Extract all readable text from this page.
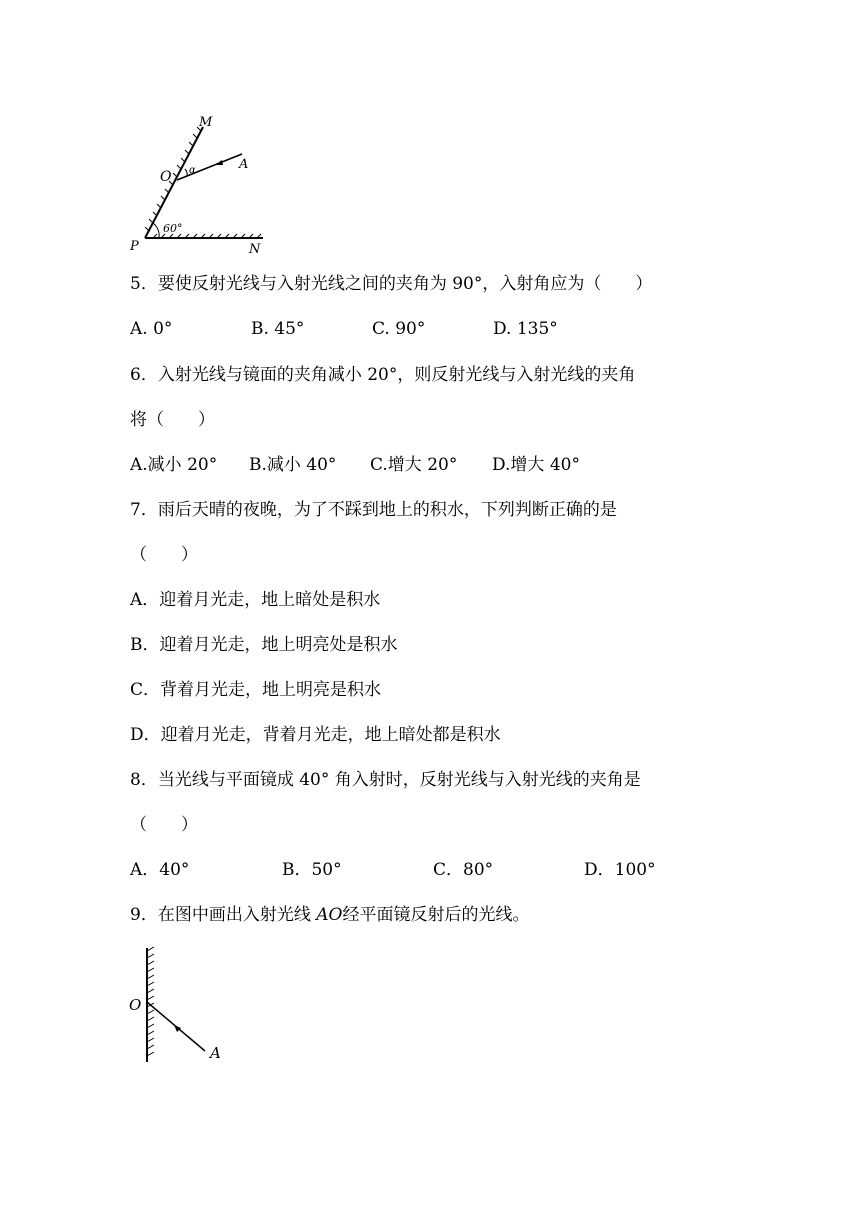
M
O α	A
60°
P	N
5．要使反射光线与入射光线之间的夹角为 90°，入射角应为（　　）
A. 0°	B. 45°	C. 90°	D. 135°
6．入射光线与镜面的夹角减小 20°，则反射光线与入射光线的夹角
将（　　）
A.减小 20° B.减小 40° C.增大 20° D.增大 40°
7．雨后天晴的夜晚，为了不踩到地上的积水，下列判断正确的是
（　　）
A．迎着月光走，地上暗处是积水
B．迎着月光走，地上明亮处是积水
C．背着月光走，地上明亮是积水
D．迎着月光走，背着月光走，地上暗处都是积水
8．当光线与平面镜成 40° 角入射时，反射光线与入射光线的夹角是
（　　）
A．40°	B．50°	C．80°	D．100°
9．在图中画出入射光线 AO经平面镜反射后的光线。
O
A
